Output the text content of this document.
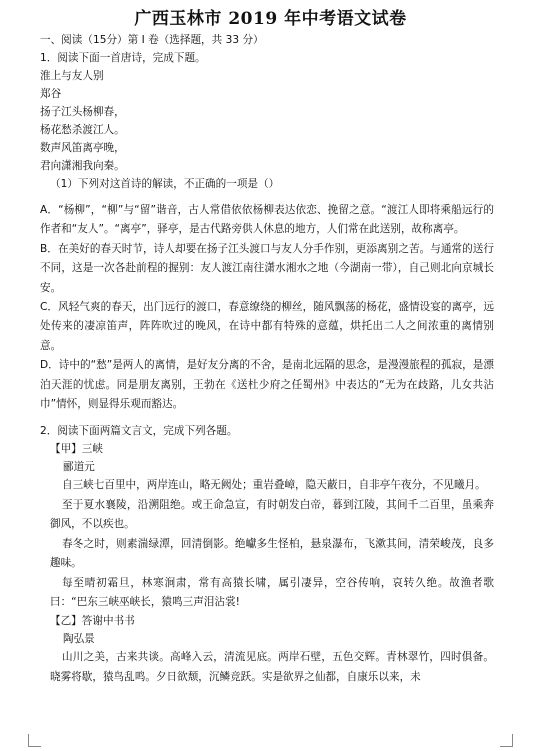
广西玉林市 2019 年中考语文试卷

一、阅读（15分）第 I 卷（选择题，共 33 分）

1．阅读下面一首唐诗，完成下题。

淮上与友人别

郑谷

扬子江头杨柳春，

杨花愁杀渡江人。

数声风笛离亭晚，

君向潇湘我向秦。

（1）下列对这首诗的解读，不正确的一项是（）

A．“杨柳”，“柳”与“留”谐音，古人常借依依杨柳表达依恋、挽留之意。“渡江人即将乘船远行的作者和“友人”。“离亭”，驿亭，是古代路旁供人休息的地方，人们常在此送别，故称离亭。

B．在美好的春天时节，诗人却要在扬子江头渡口与友人分手作别，更添离别之苦。与通常的送行不同，这是一次各赴前程的握别：友人渡江南往潇水湘水之地（今湖南一带），自己则北向京城长安。

C．风轻气爽的春天，出门远行的渡口，春意缭绕的柳丝，随风飘荡的杨花，盛情设宴的离亭，远处传来的凄凉笛声，阵阵吹过的晚风，在诗中都有特殊的意蕴，烘托出二人之间浓重的离情别意。

D．诗中的“愁”是两人的离情，是好友分离的不舍，是南北远隔的思念，是漫漫旅程的孤寂，是漂泊天涯的忧虑。同是朋友离别，王勃在《送杜少府之任蜀州》中表达的“无为在歧路，儿女共沾巾”情怀，则显得乐观而豁达。

2．阅读下面两篇文言文，完成下列各题。

【甲】三峡

郦道元

自三峡七百里中，两岸连山，略无阙处；重岩叠嶂，隐天蔽日，自非亭午夜分，不见曦月。

至于夏水襄陵，沿溯阻绝。或王命急宣，有时朝发白帝，暮到江陵，其间千二百里，虽乘奔御风，不以疾也。

春冬之时，则素湍绿潭，回清倒影。绝巘多生怪柏，悬泉瀑布，飞漱其间，清荣峻茂，良多趣味。

每至晴初霜旦，林寒涧肃，常有高猿长啸，属引凄异，空谷传响，哀转久绝。故渔者歌曰：“巴东三峡巫峡长，猿鸣三声泪沾裳!

【乙】答谢中书书

陶弘景

山川之美，古来共谈。高峰入云，清流见底。两岸石壁，五色交辉。青林翠竹，四时俱备。晓雾将歇，猿鸟乱鸣。夕日欲颓，沉鳞竞跃。实是欲界之仙都，自康乐以来，未
